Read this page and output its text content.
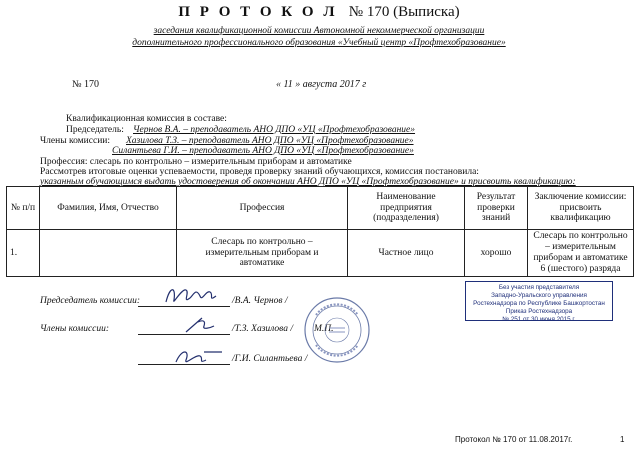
П Р О Т О К О Л № 170 (Выписка)
заседания квалификационной комиссии Автономной некоммерческой организации
дополнительного профессионального образования «Учебный центр «Профтехобразование»
№ 170	« 11 » августа 2017 г
Квалификационная комиссия в составе:
Председатель: Чернов В.А. – преподаватель АНО ДПО «УЦ «Профтехобразование»
Члены комиссии: Хазилова Т.З. – преподаватель АНО ДПО «УЦ «Профтехобразование»
Силантьева Г.И. – преподаватель АНО ДПО «УЦ «Профтехобразование»
Профессия: слесарь по контрольно – измерительным приборам и автоматике
Рассмотрев итоговые оценки успеваемости, проведя проверку знаний обучающихся, комиссия постановила:
указанным обучающимся выдать удостоверения об окончании АНО ДПО «УЦ «Профтехобразование» и присвоить квалификацию:
№ п/п	Фамилия, Имя, Отчество	Профессия	Наименование предприятия (подразделения)	Результат проверки знаний	Заключение комиссии: присвоить квалификацию
1.		Слесарь по контрольно – измерительным приборам и автоматике	Частное лицо	хорошо	Слесарь по контрольно – измерительным приборам и автоматике 6 (шестого) разряда
Председатель комиссии:	/В.А. Чернов /
Члены комиссии:	/Т.З. Хазилова / М.П.
/Г.И. Силантьева /
Без участия представителя
Западно-Уральского управления
Ростехнадзора по Республике Башкортостан
Приказ Ростехнадзора
№ 251 от 30 июня 2015 г.
Протокол № 170 от 11.08.2017г.	1
